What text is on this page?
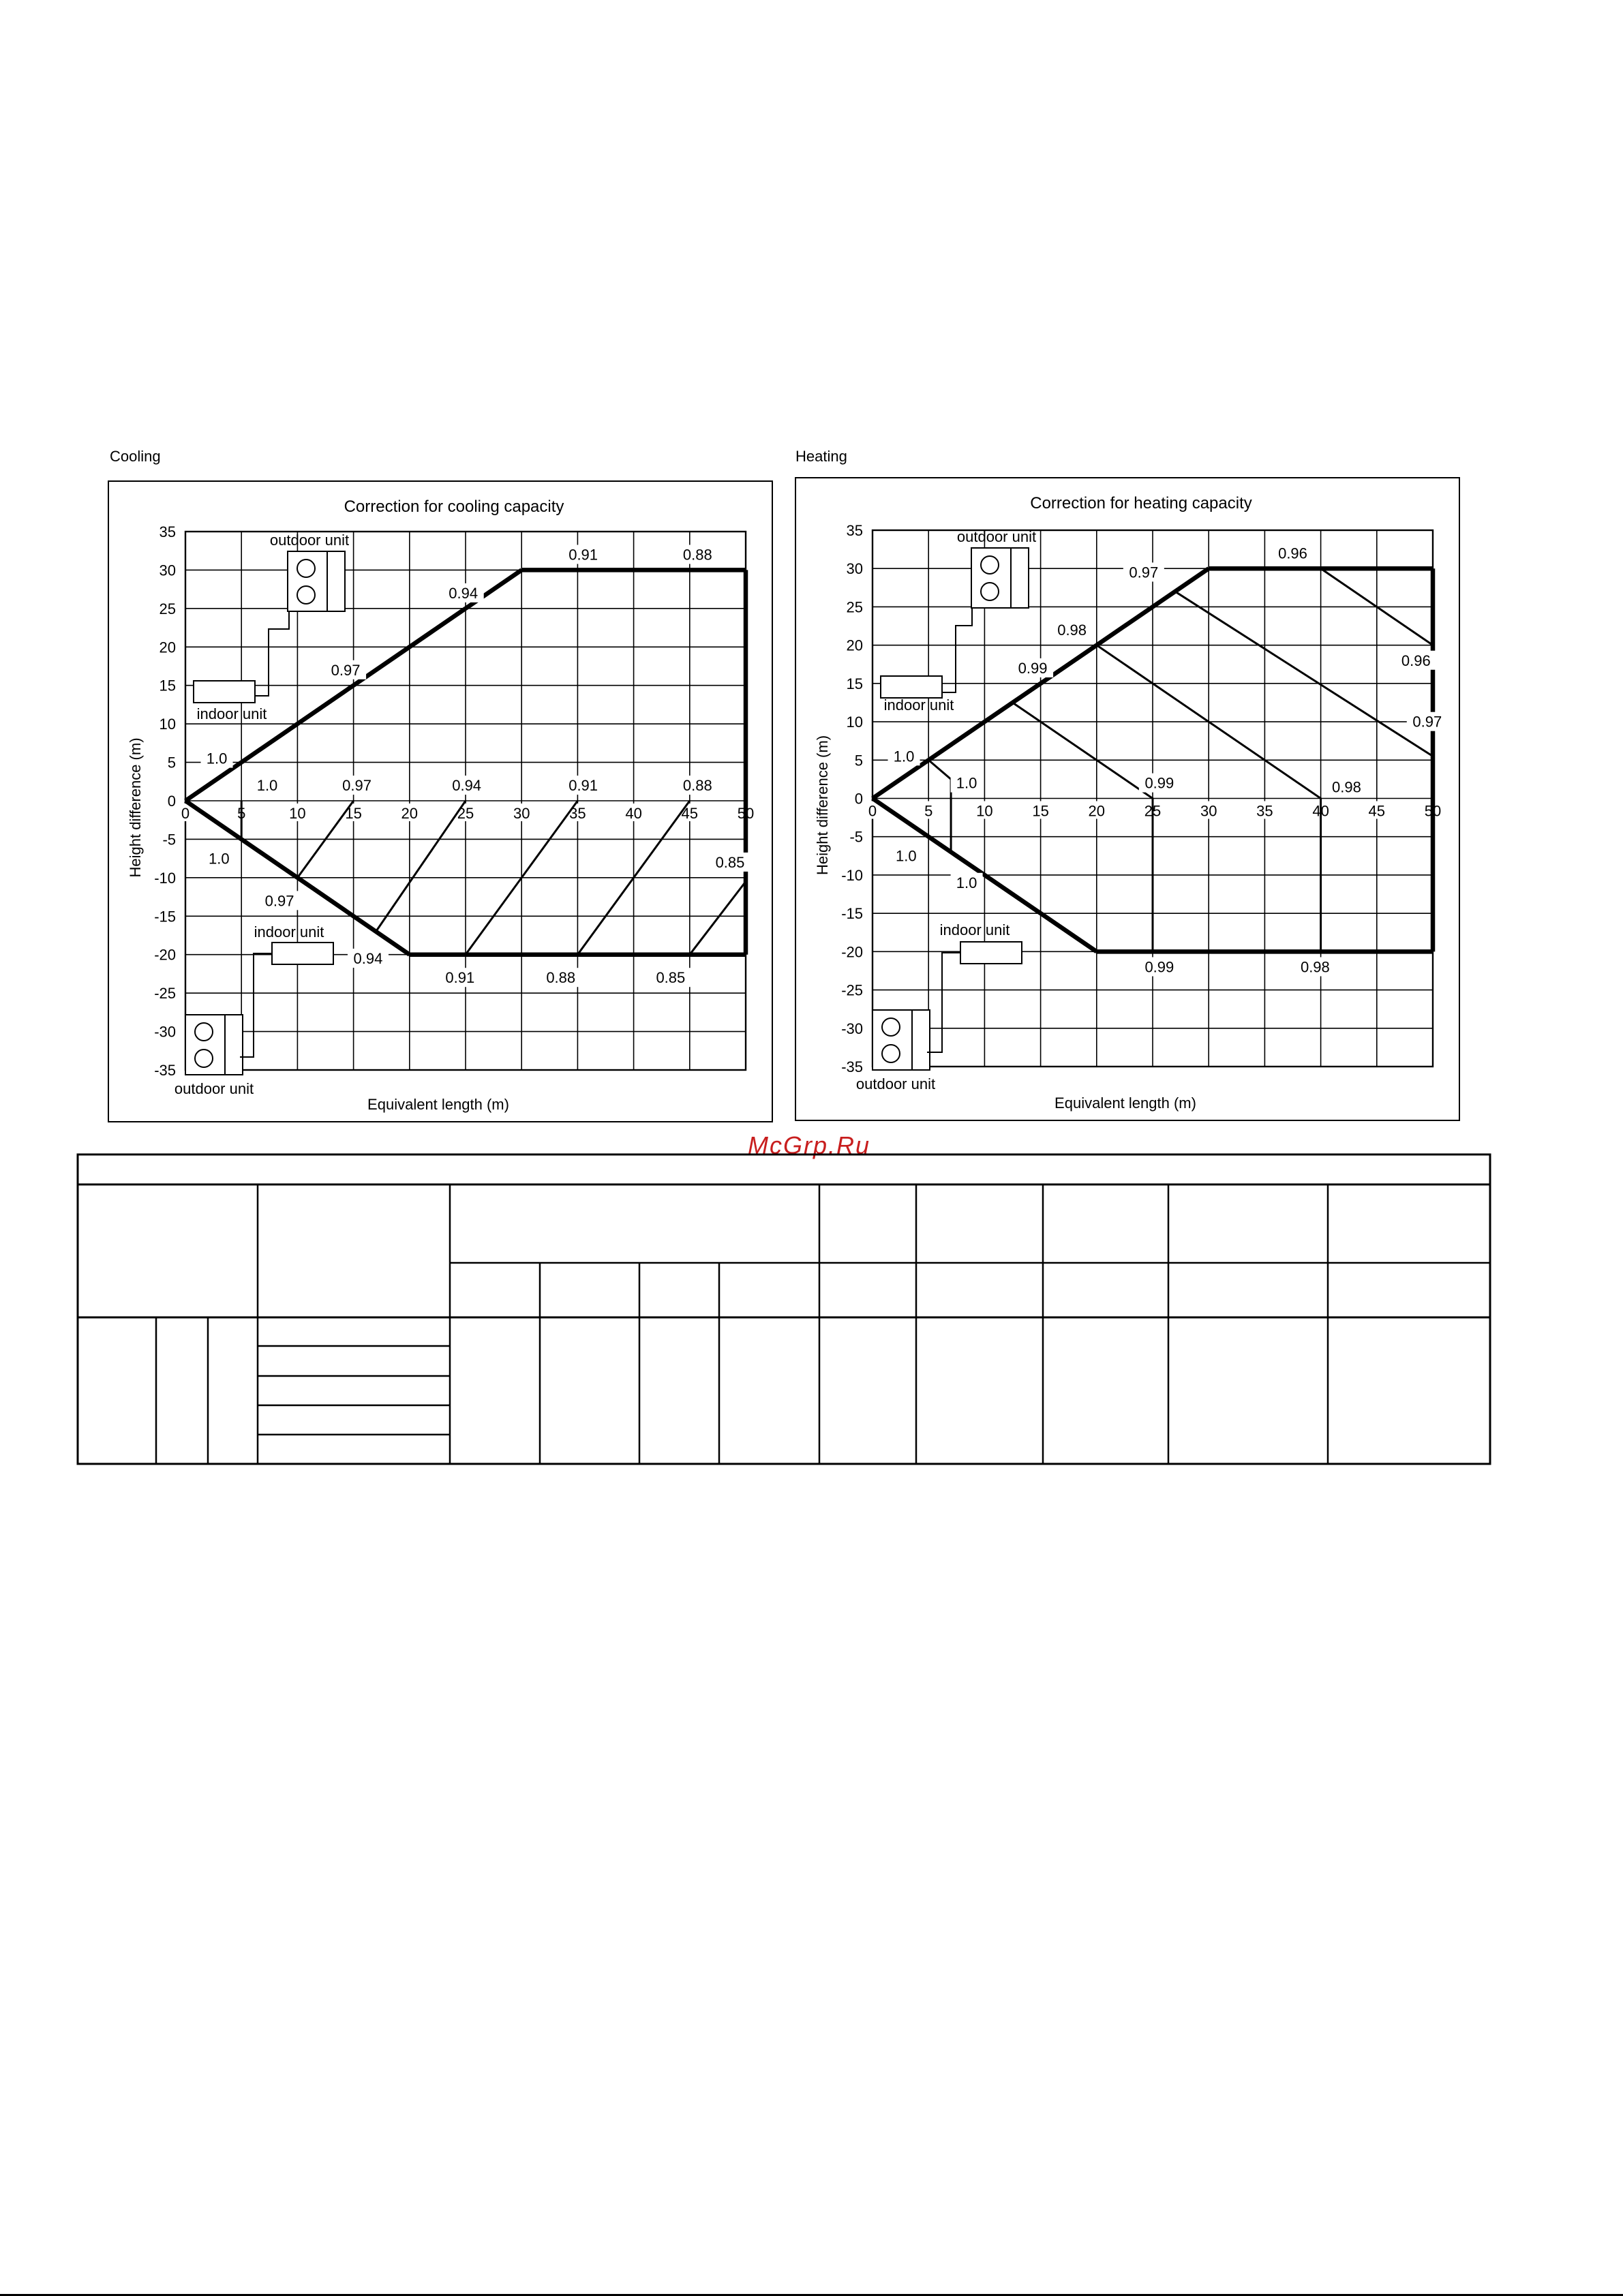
Cooling	Heating
Correction for cooling capacity
35
30
25
20
15
10
5
0
-5
-10
-15
-20
-25
-30
-35
0	5	10	15	20	25	30	35	40	45	50
Equivalent length (m)
Height difference (m)	1.0
0.97
0.94
0.91	0.88
1.0	0.97	0.94	0.91	0.88
0.85
1.0
0.97
0.94
0.91	0.88	0.85
outdoor unit
indoor unit
indoor unit
outdoor unit
Correction for heating capacity
35
30
25
20
15
10
5
0
-5
-10
-15
-20
-25
-30
-35
0	5	10	15	20	25	30	35	40	45	50
Equivalent length (m)
Height difference (m)	1.0
0.99
0.98
0.97
0.96
0.96
0.97
1.0	0.99	0.98
1.0
1.0
0.99	0.98
outdoor unit
indoor unit
indoor unit
outdoor unit
McGrp.Ru
